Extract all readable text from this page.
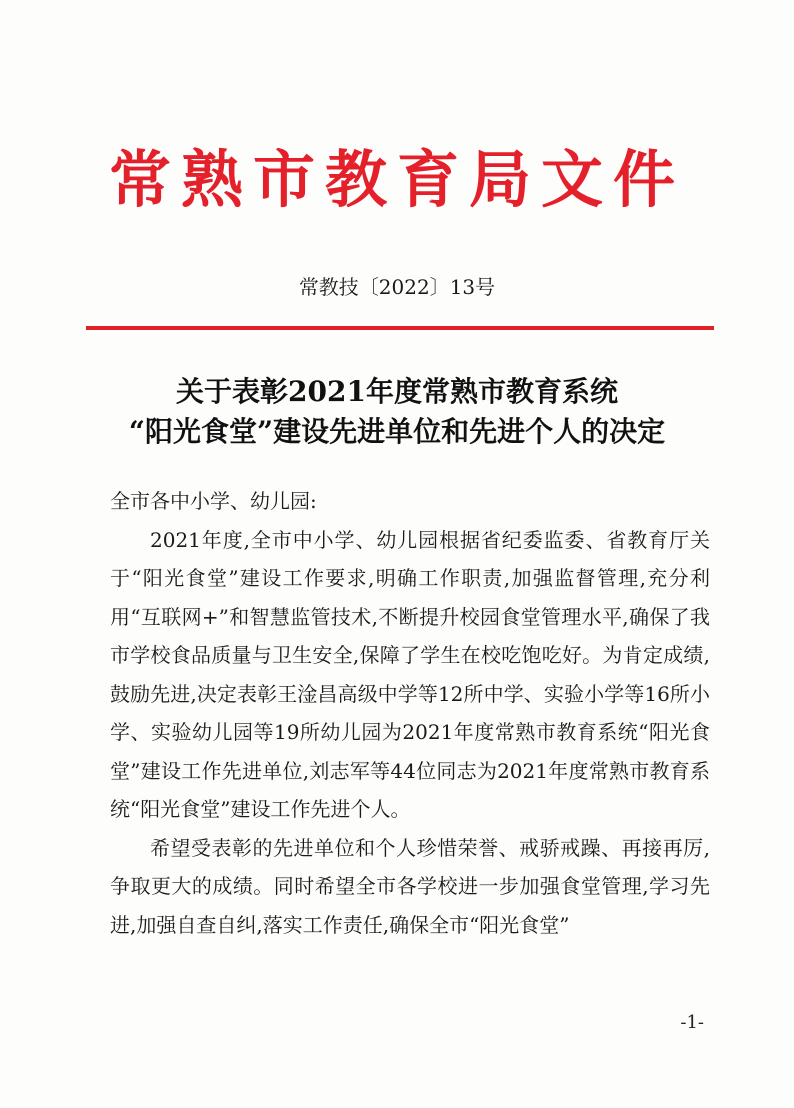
常熟市教育局文件
常教技〔2022〕13号
关于表彰2021年度常熟市教育系统
“阳光食堂”建设先进单位和先进个人的决定

全市各中小学、幼儿园:

2021年度,全市中小学、幼儿园根据省纪委监委、省教育厅关于“阳光食堂”建设工作要求,明确工作职责,加强监督管理,充分利用“互联网+”和智慧监管技术,不断提升校园食堂管理水平,确保了我市学校食品质量与卫生安全,保障了学生在校吃饱吃好。为肯定成绩,鼓励先进,决定表彰王淦昌高级中学等12所中学、实验小学等16所小学、实验幼儿园等19所幼儿园为2021年度常熟市教育系统“阳光食堂”建设工作先进单位,刘志军等44位同志为2021年度常熟市教育系统“阳光食堂”建设工作先进个人。

希望受表彰的先进单位和个人珍惜荣誉、戒骄戒躁、再接再厉,争取更大的成绩。同时希望全市各学校进一步加强食堂管理,学习先进,加强自查自纠,落实工作责任,确保全市“阳光食堂”

-1-
